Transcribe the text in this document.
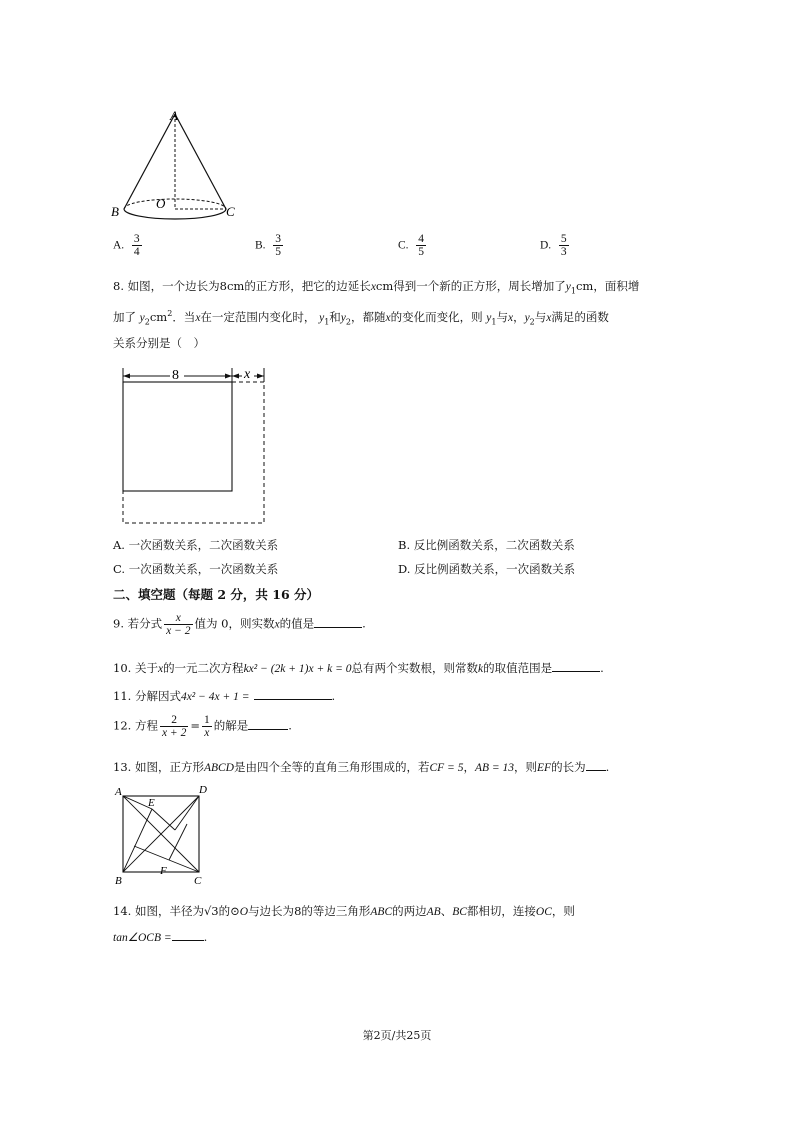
A
B
O
C
A. $\frac{3}{4}$	B. $\frac{3}{5}$	C. $\frac{4}{5}$	D. $\frac{5}{3}$
8. 如图，一个边长为8cm的正方形，把它的边延长xcm得到一个新的正方形，周长增加了$y_1cm$，面积增
加了 $y_2cm^2$．当x在一定范围内变化时， $y_1$和$y_2$，都随x的变化而变化，则 $y_1$与x，$y_2$与x满足的函数
关系分别是（　）
8	x
A. 一次函数关系，二次函数关系	B. 反比例函数关系，二次函数关系
C. 一次函数关系，一次函数关系	D. 反比例函数关系，一次函数关系
二、填空题（每题 2 分，共 16 分）
9. 若分式 $\frac{x}{x - 2}$ 值为 0，则实数x的值是	.
10. 关于x的一元二次方程kx² − (2k + 1)x + k = 0总有两个实数根，则常数k的取值范围是	.
11. 分解因式4x² − 4x + 1 =	.
12. 方程 $\frac{2}{x + 2} = \frac{1}{x}$ 的解是	.
13. 如图，正方形ABCD是由四个全等的直角三角形围成的，若CF = 5，AB = 13，则EF的长为 .
A	D
E
B
F
C
14. 如图，半径为√3的⊙O与边长为8的等边三角形ABC的两边AB、BC都相切，连接OC，则
tan∠OCB =	.
第2页/共25页
